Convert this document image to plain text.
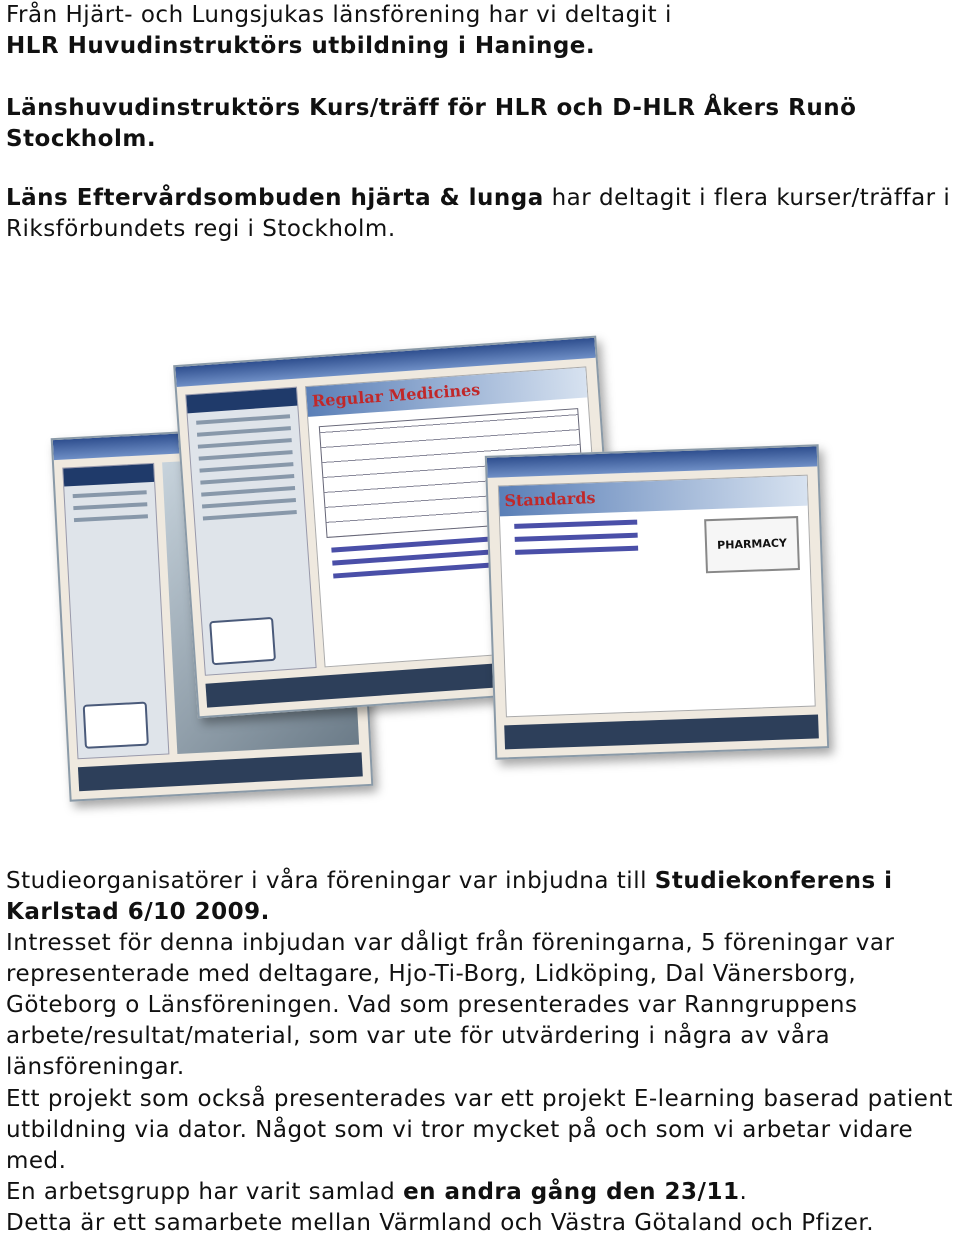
Från Hjärt- och Lungsjukas länsförening har vi deltagit i
HLR Huvudinstruktörs utbildning i Haninge.

Länshuvudinstruktörs Kurs/träff för HLR och D-HLR Åkers Runö Stockholm.

Läns Eftervårdsombuden hjärta & lunga har deltagit i flera kurser/träffar i Riksförbundets regi i Stockholm.

Regular Medicines
Standards
PHARMACY

Studieorganisatörer i våra föreningar var inbjudna till Studiekonferens i Karlstad 6/10 2009.

Intresset för denna inbjudan var dåligt från föreningarna, 5 föreningar var representerade med deltagare, Hjo-Ti-Borg, Lidköping, Dal Vänersborg, Göteborg o Länsföreningen. Vad som presenterades var Ranngruppens arbete/resultat/material, som var ute för utvärdering i några av våra länsföreningar.

Ett projekt som också presenterades var ett projekt E-learning baserad patient utbildning via dator. Något som vi tror mycket på och som vi arbetar vidare med.

En arbetsgrupp har varit samlad en andra gång den 23/11.

Detta är ett samarbete mellan Värmland och Västra Götaland och Pfizer.
